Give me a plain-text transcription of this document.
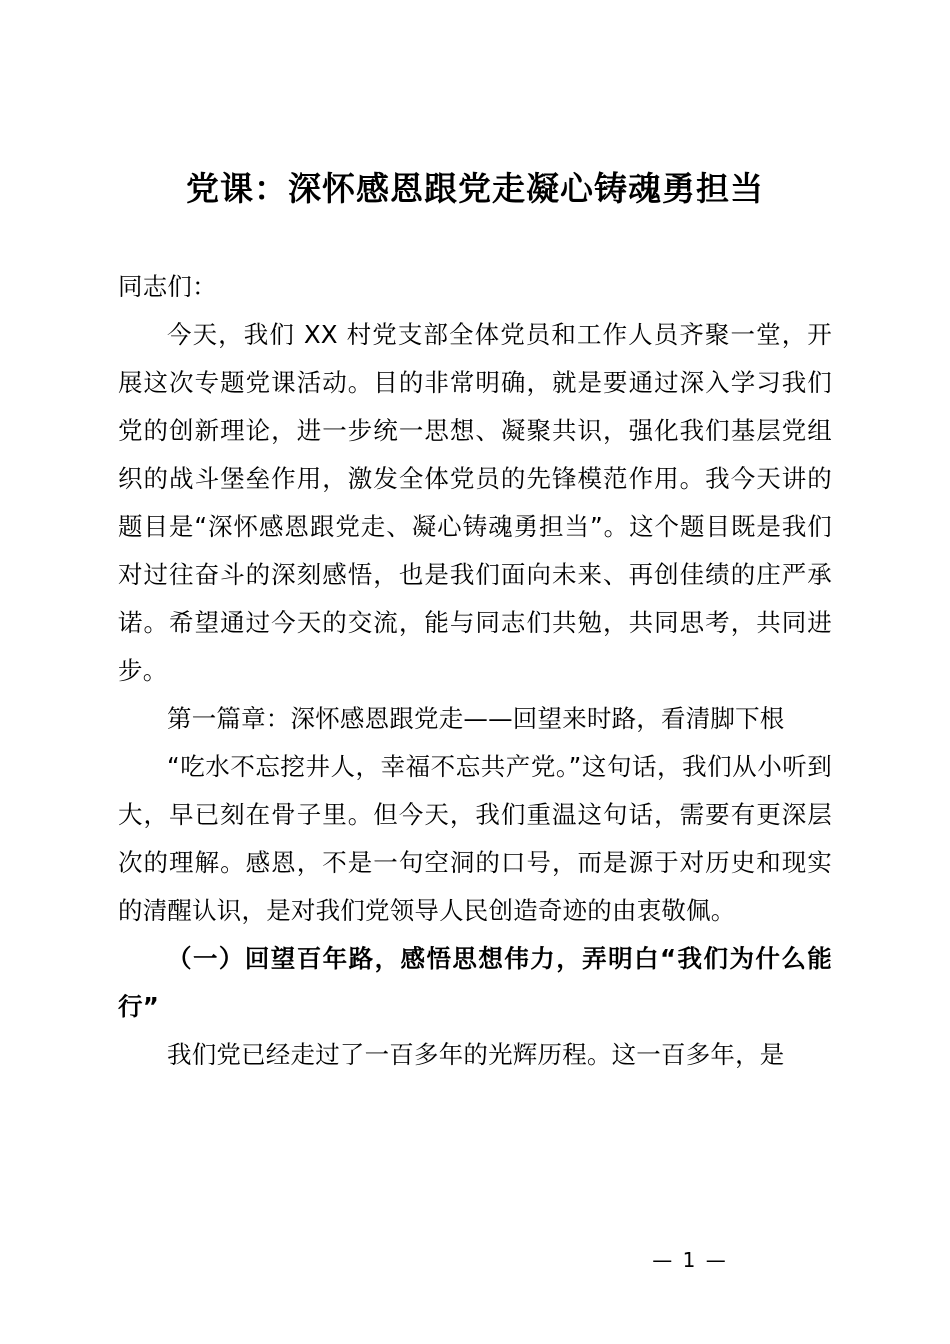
党课：深怀感恩跟党走凝心铸魂勇担当

同志们：

今天，我们 XX 村党支部全体党员和工作人员齐聚一堂，开展这次专题党课活动。目的非常明确，就是要通过深入学习我们党的创新理论，进一步统一思想、凝聚共识，强化我们基层党组织的战斗堡垒作用，激发全体党员的先锋模范作用。我今天讲的题目是“深怀感恩跟党走、凝心铸魂勇担当”。这个题目既是我们对过往奋斗的深刻感悟，也是我们面向未来、再创佳绩的庄严承诺。希望通过今天的交流，能与同志们共勉，共同思考，共同进步。

第一篇章：深怀感恩跟党走——回望来时路，看清脚下根

“吃水不忘挖井人，幸福不忘共产党。”这句话，我们从小听到大，早已刻在骨子里。但今天，我们重温这句话，需要有更深层次的理解。感恩，不是一句空洞的口号，而是源于对历史和现实的清醒认识，是对我们党领导人民创造奇迹的由衷敬佩。

（一）回望百年路，感悟思想伟力，弄明白“我们为什么能行”

我们党已经走过了一百多年的光辉历程。这一百多年，是

— 1 —
